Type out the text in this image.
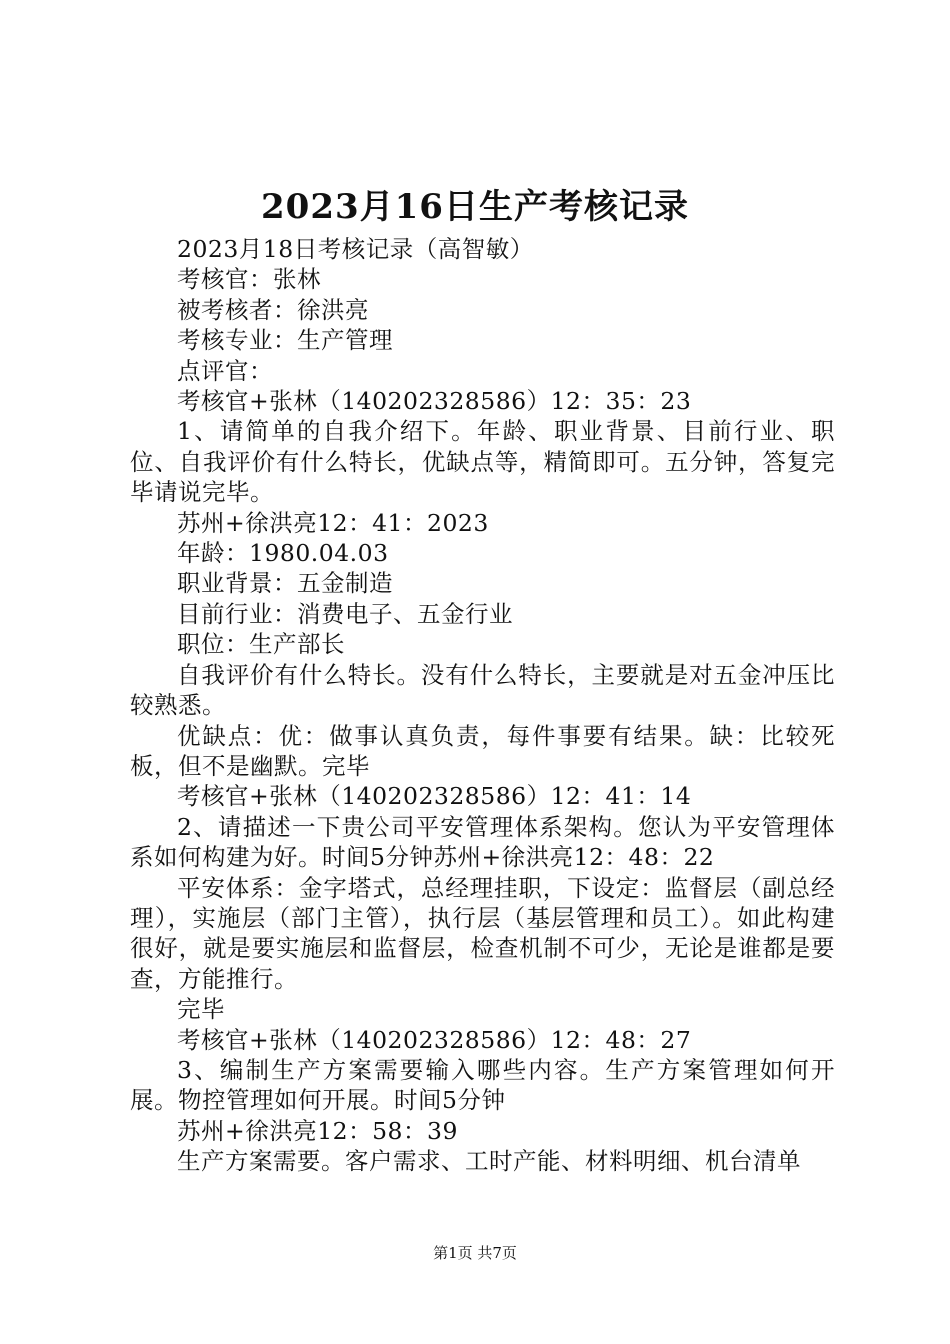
2023月16日生产考核记录

2023月18日考核记录（高智敏）

考核官：张林

被考核者：徐洪亮

考核专业：生产管理

点评官：

考核官+张林（140202328586）12：35：23

1、请简单的自我介绍下。年龄、职业背景、目前行业、职位、自我评价有什么特长，优缺点等，精简即可。五分钟，答复完毕请说完毕。

苏州+徐洪亮12：41：2023

年龄：1980.04.03

职业背景：五金制造

目前行业：消费电子、五金行业

职位：生产部长

自我评价有什么特长。没有什么特长，主要就是对五金冲压比较熟悉。

优缺点：优：做事认真负责，每件事要有结果。缺：比较死板，但不是幽默。完毕

考核官+张林（140202328586）12：41：14

2、请描述一下贵公司平安管理体系架构。您认为平安管理体系如何构建为好。时间5分钟苏州+徐洪亮12：48：22

平安体系：金字塔式，总经理挂职，下设定：监督层（副总经理），实施层（部门主管），执行层（基层管理和员工）。如此构建很好，就是要实施层和监督层，检查机制不可少，无论是谁都是要查，方能推行。

完毕

考核官+张林（140202328586）12：48：27

3、编制生产方案需要输入哪些内容。生产方案管理如何开展。物控管理如何开展。时间5分钟

苏州+徐洪亮12：58：39

生产方案需要。客户需求、工时产能、材料明细、机台清单

第1页 共7页
